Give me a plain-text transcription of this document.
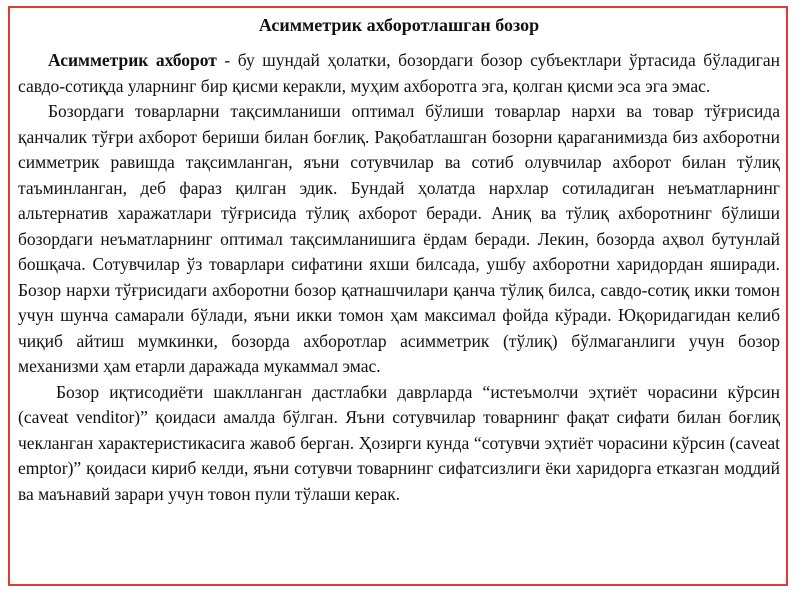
Асимметрик ахборотлашган бозор

Асимметрик ахборот - бу шундай ҳолатки, бозордаги бозор субъектлари ўртасида бўладиган савдо-сотиқда уларнинг бир қисми керакли, муҳим ахборотга эга, қолган қисми эса эга эмас.

Бозордаги товарларни тақсимланиши оптимал бўлиши товарлар нархи ва товар тўғрисида қанчалик тўғри ахборот бериши билан боғлиқ. Рақобатлашган бозорни қараганимизда биз ахборотни симметрик равишда тақсимланган, яъни сотувчилар ва сотиб олувчилар ахборот билан тўлиқ таъминланган, деб фараз қилган эдик. Бундай ҳолатда нархлар сотиладиган неъматларнинг альтернатив харажатлари тўғрисида тўлиқ ахборот беради. Аниқ ва тўлиқ ахборотнинг бўлиши бозордаги неъматларнинг оптимал тақсимланишига ёрдам беради. Лекин, бозорда аҳвол бутунлай бошқача. Сотувчилар ўз товарлари сифатини яхши билсада, ушбу ахборотни харидордан яширади. Бозор нархи тўғрисидаги ахборотни бозор қатнашчилари қанча тўлиқ билса, савдо-сотиқ икки томон учун шунча самарали бўлади, яъни икки томон ҳам максимал фойда кўради. Юқоридагидан келиб чиқиб айтиш мумкинки, бозорда ахборотлар асимметрик (тўлиқ) бўлмаганлиги учун бозор механизми ҳам етарли даражада мукаммал эмас.

Бозор иқтисодиёти шаклланган дастлабки даврларда “истеъмолчи эҳтиёт чорасини кўрсин (caveat venditor)” қоидаси амалда бўлган. Яъни сотувчилар товарнинг фақат сифати билан боғлиқ чекланган характеристикасига жавоб берган. Ҳозирги кунда “сотувчи эҳтиёт чорасини кўрсин (caveat emptor)” қоидаси кириб келди, яъни сотувчи товарнинг сифатсизлиги ёки харидорга етказган моддий ва маънавий зарари учун товон пули тўлаши керак.
